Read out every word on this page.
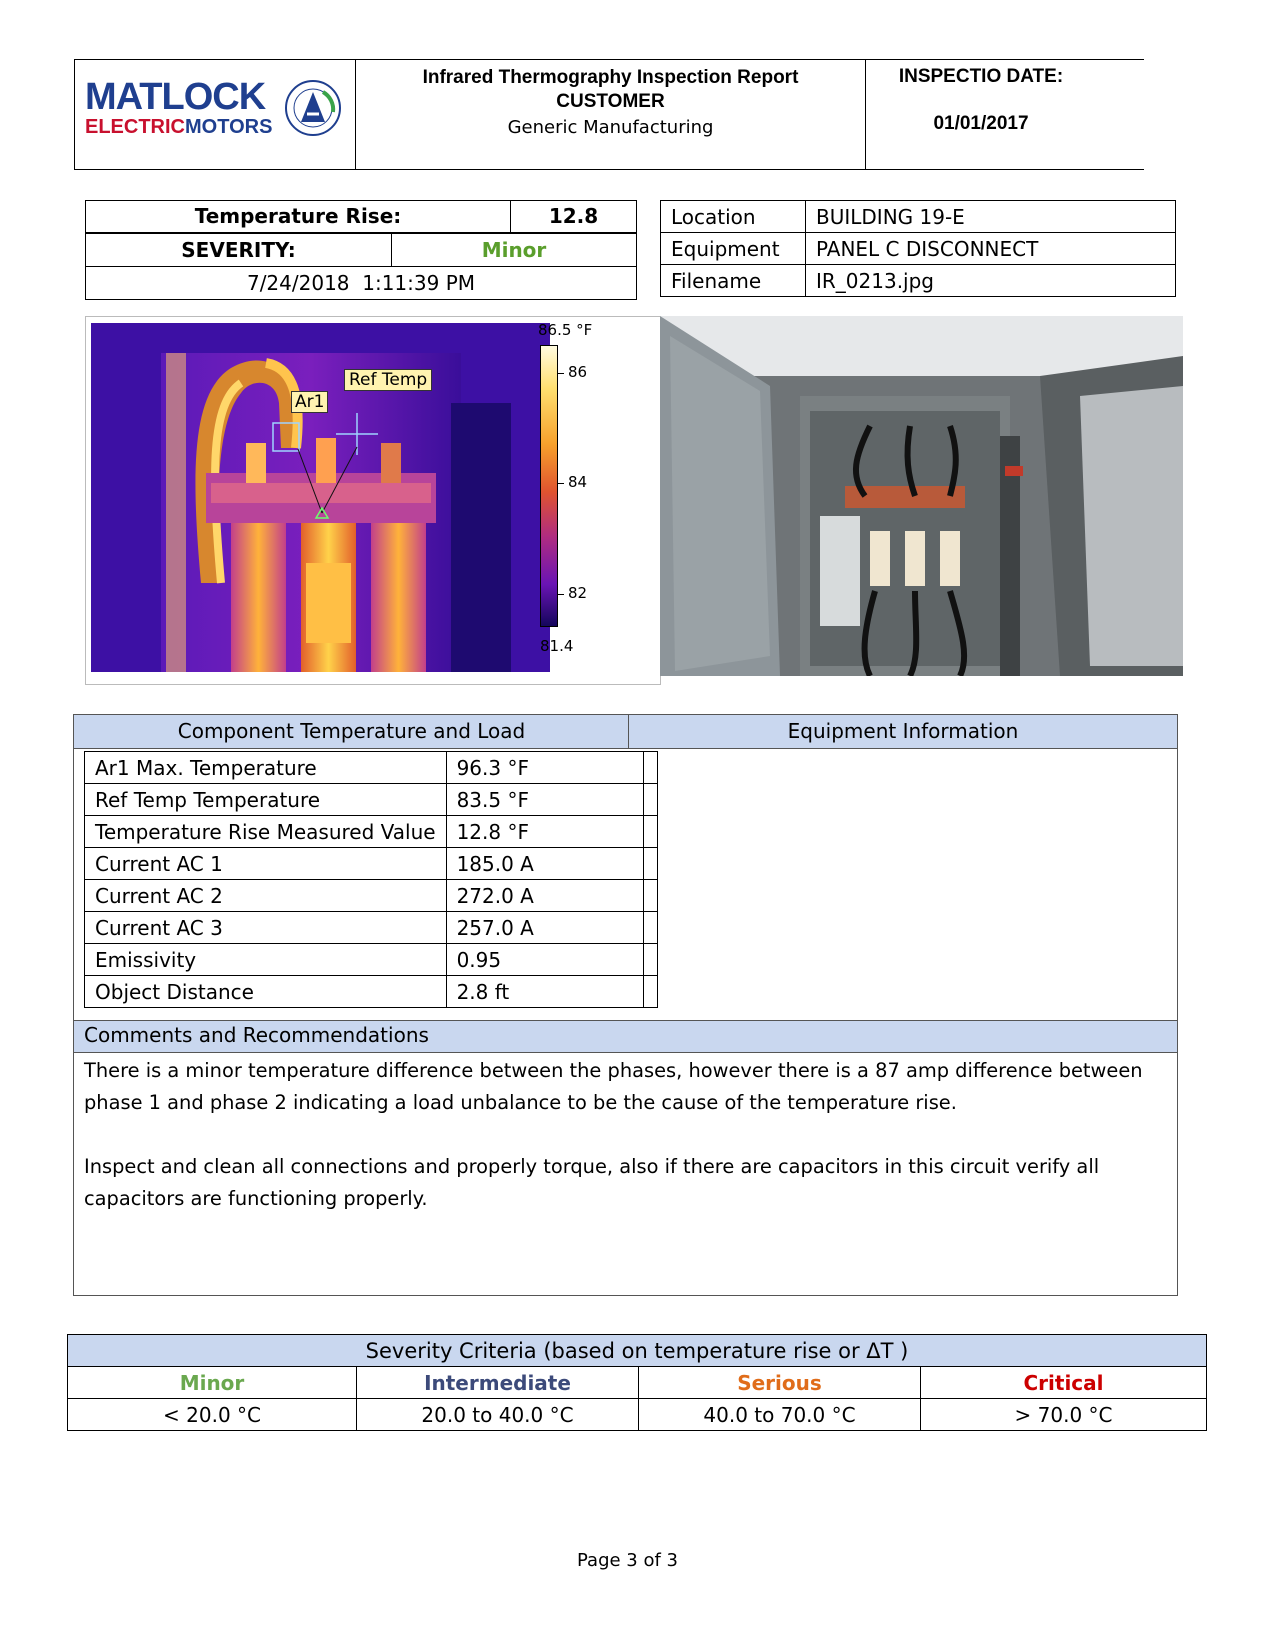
MATLOCK
ELECTRICMOTORS
Infrared Thermography Inspection Report
CUSTOMER
Generic Manufacturing
INSPECTIO DATE:
01/01/2017
Temperature Rise:	12.8
SEVERITY:	Minor
7/24/2018  1:11:39 PM
Location	BUILDING 19-E
Equipment	PANEL C DISCONNECT
Filename	IR_0213.jpg
Ref Temp
Ar1
86.5 °F
86
84
82
81.4
Component Temperature and Load	Equipment Information
Ar1 Max. Temperature	96.3 °F	
Ref Temp Temperature	83.5 °F	
Temperature Rise Measured Value	12.8 °F	
Current AC 1	185.0 A	
Current AC 2	272.0 A	
Current AC 3	257.0 A	
Emissivity	0.95	
Object Distance	2.8 ft	
Comments and Recommendations
There is a minor temperature difference between the phases, however there is a 87 amp difference between phase 1 and phase 2 indicating a load unbalance to be the cause of the temperature rise.
Inspect and clean all connections and properly torque, also if there are capacitors in this circuit verify all capacitors are functioning properly.
Severity Criteria (based on temperature rise or ΔT )			
Minor	Intermediate	Serious	Critical
< 20.0 °C	20.0 to 40.0 °C	40.0 to 70.0 °C	> 70.0 °C
Page 3 of 3
